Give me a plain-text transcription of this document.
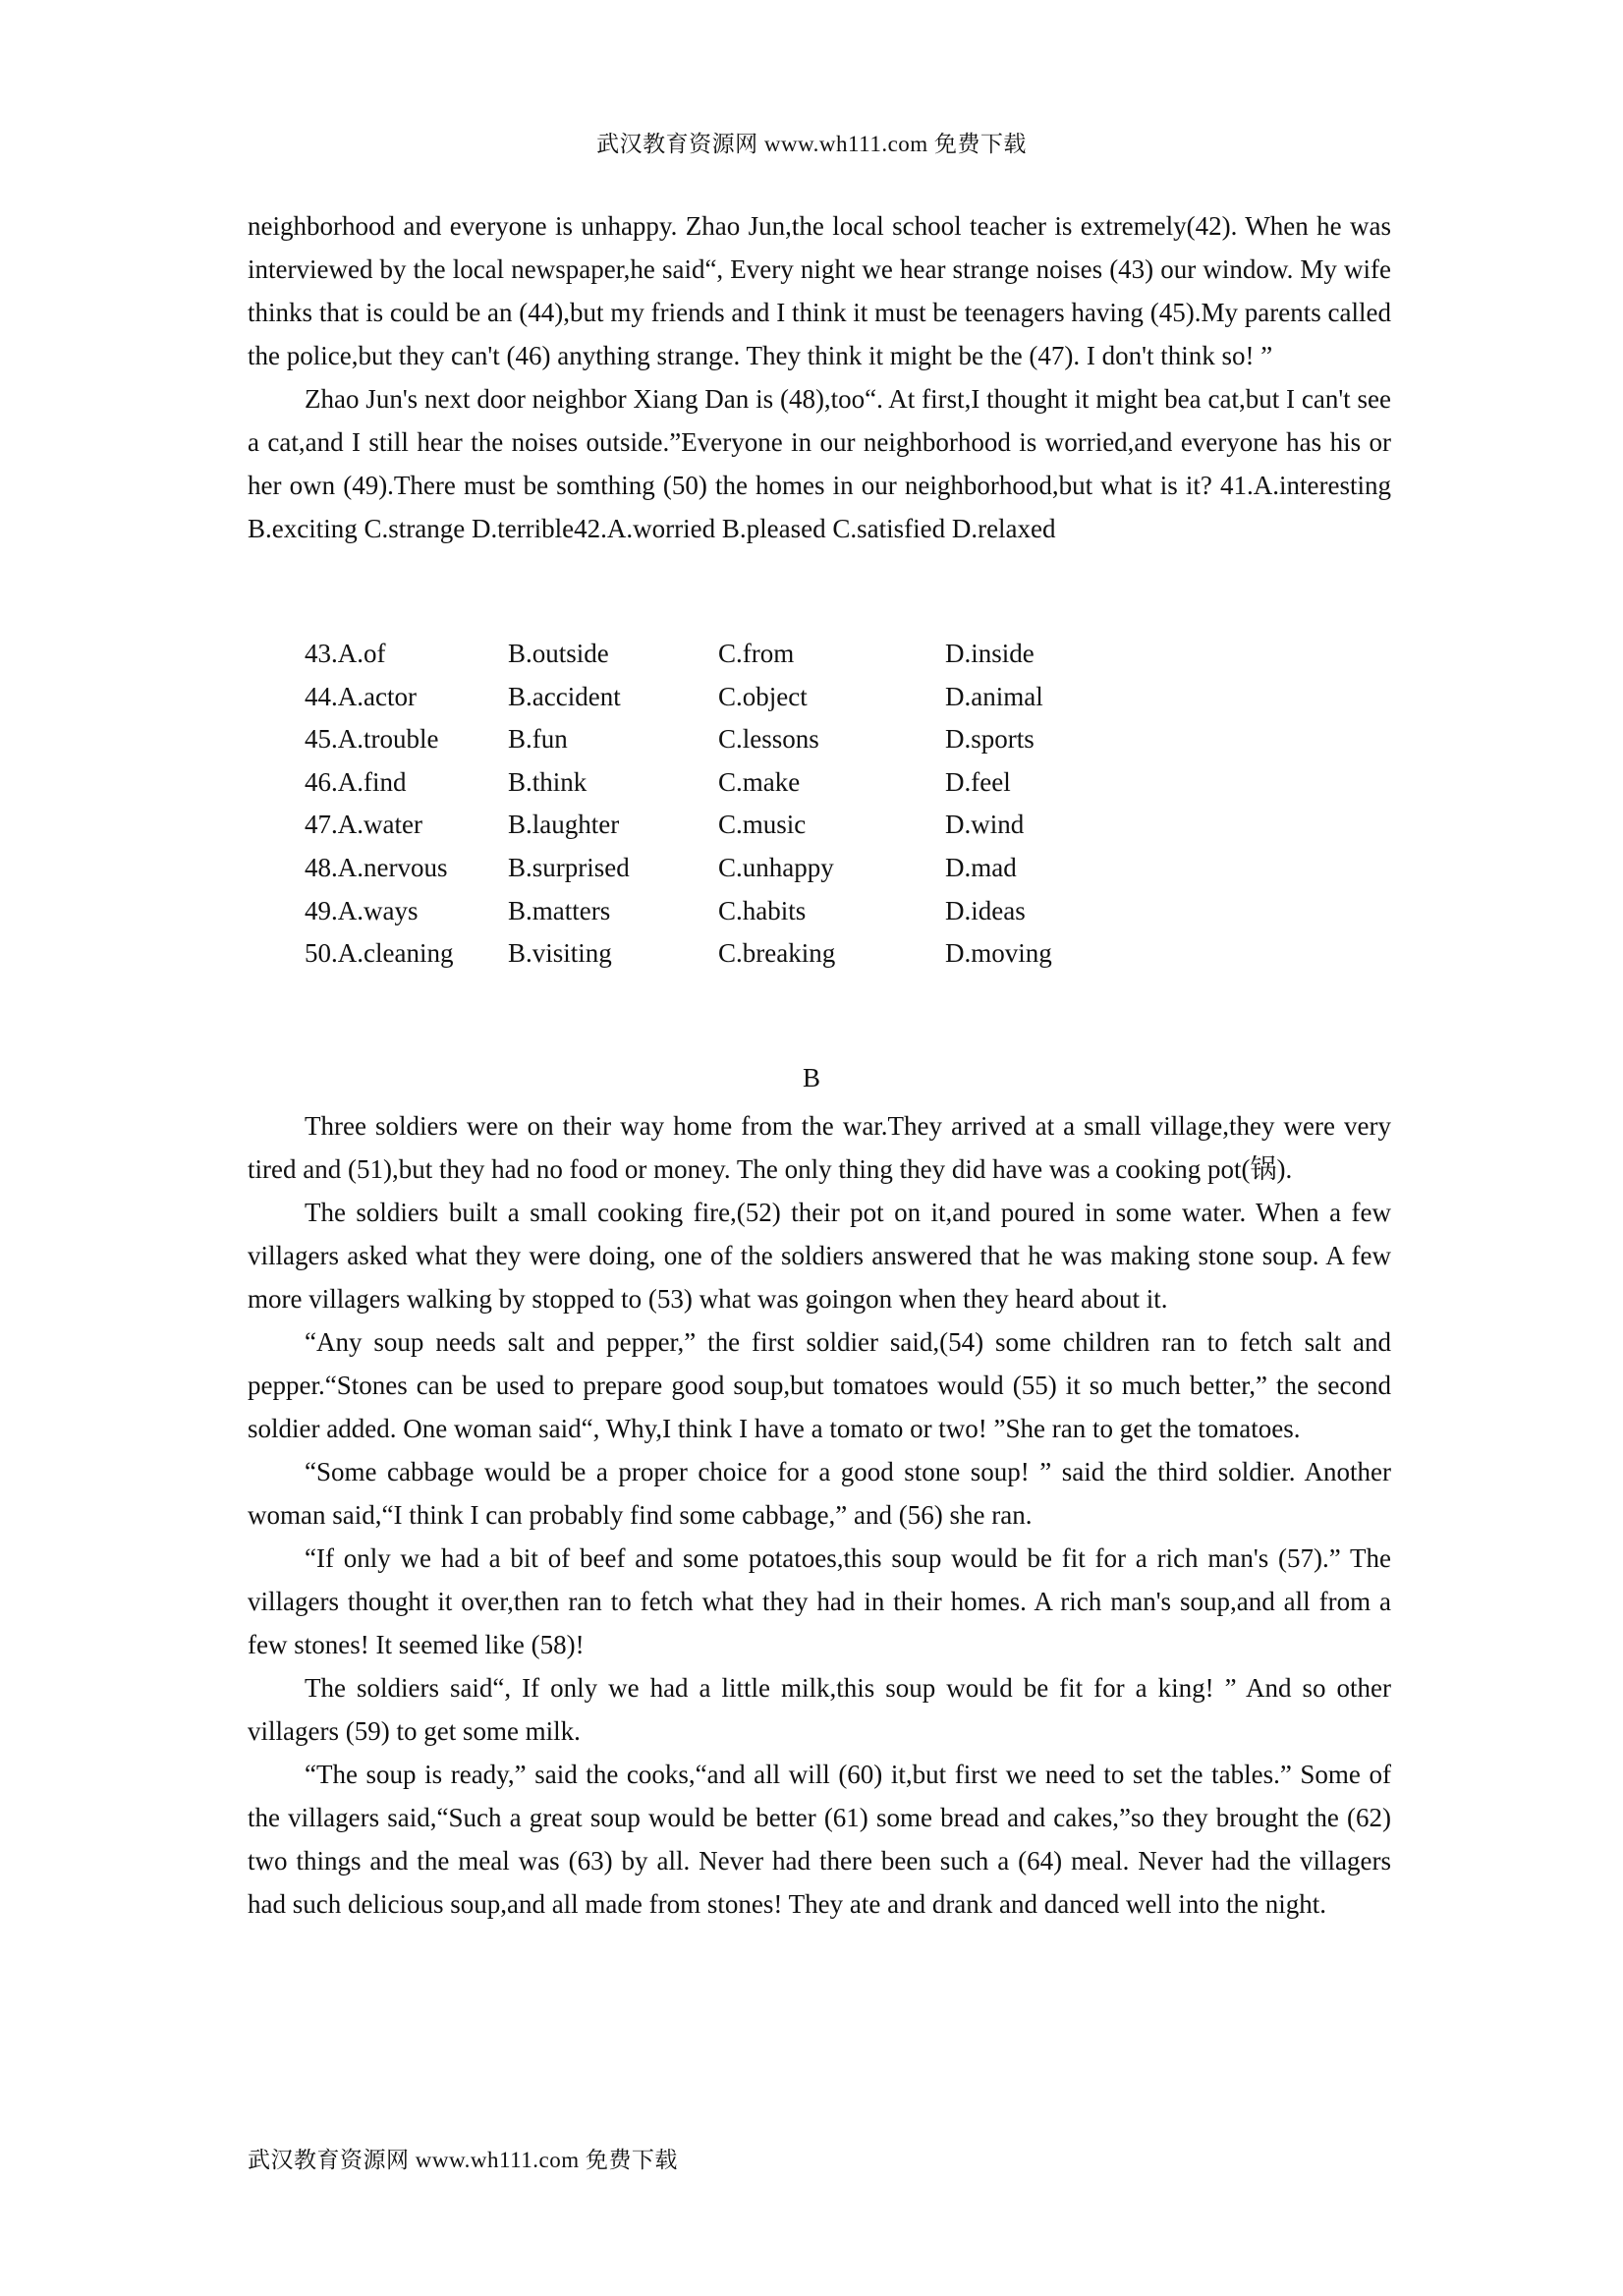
武汉教育资源网 www.wh111.com 免费下载

neighborhood and everyone is unhappy. Zhao Jun,the local school teacher is extremely(42). When he was interviewed by the local newspaper,he said“, Every night we hear strange noises (43) our window. My wife thinks that is could be an (44),but my friends and I think it must be teenagers having (45).My parents called the police,but they can't (46) anything strange. They think it might be the (47). I don't think so! ”

Zhao Jun's next door neighbor Xiang Dan is (48),too“. At first,I thought it might bea cat,but I can't see a cat,and I still hear the noises outside.”Everyone in our neighborhood is worried,and everyone has his or her own (49).There must be somthing (50) the homes in our neighborhood,but what is it? 41.A.interesting B.exciting C.strange D.terrible42.A.worried B.pleased C.satisfied D.relaxed

43.A.of	B.outside	C.from	D.inside
44.A.actor	B.accident	C.object	D.animal
45.A.trouble	B.fun	C.lessons	D.sports
46.A.find	B.think	C.make	D.feel
47.A.water	B.laughter	C.music	D.wind
48.A.nervous B.surprised	C.unhappy	D.mad
49.A.ways	B.matters	C.habits	D.ideas
50.A.cleaning B.visiting	C.breaking	D.moving
B

Three soldiers were on their way home from the war.They arrived at a small village,they were very tired and (51),but they had no food or money. The only thing they did have was a cooking pot(锅).

The soldiers built a small cooking fire,(52) their pot on it,and poured in some water. When a few villagers asked what they were doing, one of the soldiers answered that he was making stone soup. A few more villagers walking by stopped to (53) what was goingon when they heard about it.

“Any soup needs salt and pepper,” the first soldier said,(54) some children ran to fetch salt and pepper.“Stones can be used to prepare good soup,but tomatoes would (55) it so much better,” the second soldier added. One woman said“, Why,I think I have a tomato or two! ”She ran to get the tomatoes.

“Some cabbage would be a proper choice for a good stone soup! ” said the third soldier. Another woman said,“I think I can probably find some cabbage,” and (56) she ran.

“If only we had a bit of beef and some potatoes,this soup would be fit for a rich man's (57).” The villagers thought it over,then ran to fetch what they had in their homes. A rich man's soup,and all from a few stones! It seemed like (58)!

The soldiers said“, If only we had a little milk,this soup would be fit for a king! ” And so other villagers (59) to get some milk.

“The soup is ready,” said the cooks,“and all will (60) it,but first we need to set the tables.” Some of the villagers said,“Such a great soup would be better (61) some bread and cakes,”so they brought the (62) two things and the meal was (63) by all. Never had there been such a (64) meal. Never had the villagers had such delicious soup,and all made from stones! They ate and drank and danced well into the night.

武汉教育资源网 www.wh111.com 免费下载
